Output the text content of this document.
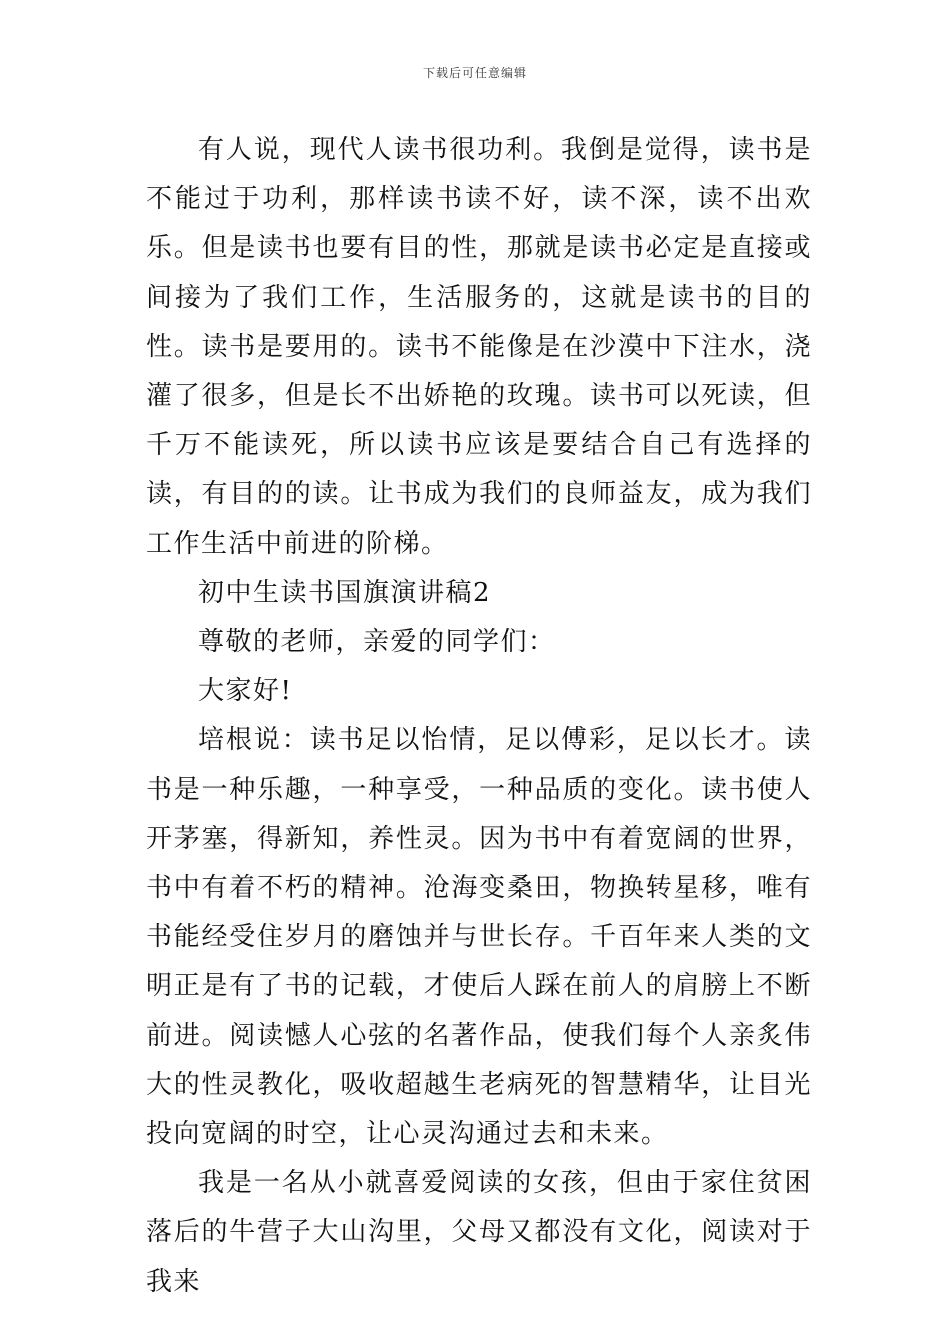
下载后可任意编辑

有人说，现代人读书很功利。我倒是觉得，读书是不能过于功利，那样读书读不好，读不深，读不出欢乐。但是读书也要有目的性，那就是读书必定是直接或间接为了我们工作，生活服务的，这就是读书的目的性。读书是要用的。读书不能像是在沙漠中下注水，浇灌了很多，但是长不出娇艳的玫瑰。读书可以死读，但千万不能读死，所以读书应该是要结合自己有选择的读，有目的的读。让书成为我们的良师益友，成为我们工作生活中前进的阶梯。

初中生读书国旗演讲稿2

尊敬的老师，亲爱的同学们：

大家好!

培根说：读书足以怡情，足以傅彩，足以长才。读书是一种乐趣，一种享受，一种品质的变化。读书使人开茅塞，得新知，养性灵。因为书中有着宽阔的世界，书中有着不朽的精神。沧海变桑田，物换转星移，唯有书能经受住岁月的磨蚀并与世长存。千百年来人类的文明正是有了书的记载，才使后人踩在前人的肩膀上不断前进。阅读憾人心弦的名著作品，使我们每个人亲炙伟大的性灵教化，吸收超越生老病死的智慧精华，让目光投向宽阔的时空，让心灵沟通过去和未来。

我是一名从小就喜爱阅读的女孩，但由于家住贫困落后的牛营子大山沟里，父母又都没有文化，阅读对于我来
